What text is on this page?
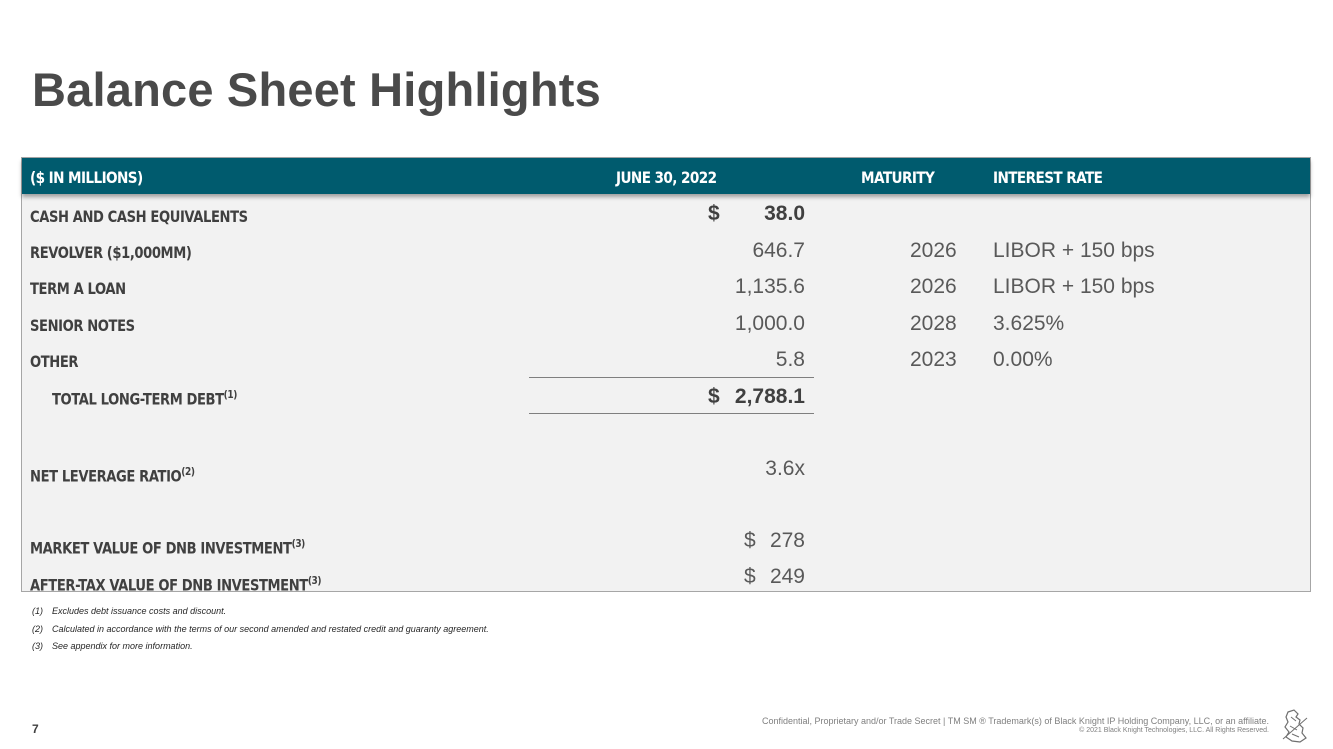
Balance Sheet Highlights
($ IN MILLIONS)	JUNE 30, 2022	MATURITY	INTEREST RATE
CASH AND CASH EQUIVALENTS	$ 38.0
REVOLVER ($1,000MM)	646.7	2026 LIBOR + 150 bps
TERM A LOAN	1,135.6	2026 LIBOR + 150 bps
SENIOR NOTES	1,000.0	2028 3.625%
OTHER	5.8	2023 0.00%
TOTAL LONG-TERM DEBT$^{(1)}$	$ 2,788.1
NET LEVERAGE RATIO$^{(2)}$	3.6x
MARKET VALUE OF DNB INVESTMENT$^{(3)}$	$ 278
AFTER-TAX VALUE OF DNB INVESTMENT$^{(3)}$	$ 249
(1) Excludes debt issuance costs and discount.
(2) Calculated in accordance with the terms of our second amended and restated credit and guaranty agreement.
(3) See appendix for more information.
7
Confidential, Proprietary and/or Trade Secret | TM SM ® Trademark(s) of Black Knight IP Holding Company, LLC, or an affiliate.
© 2021 Black Knight Technologies, LLC. All Rights Reserved.
